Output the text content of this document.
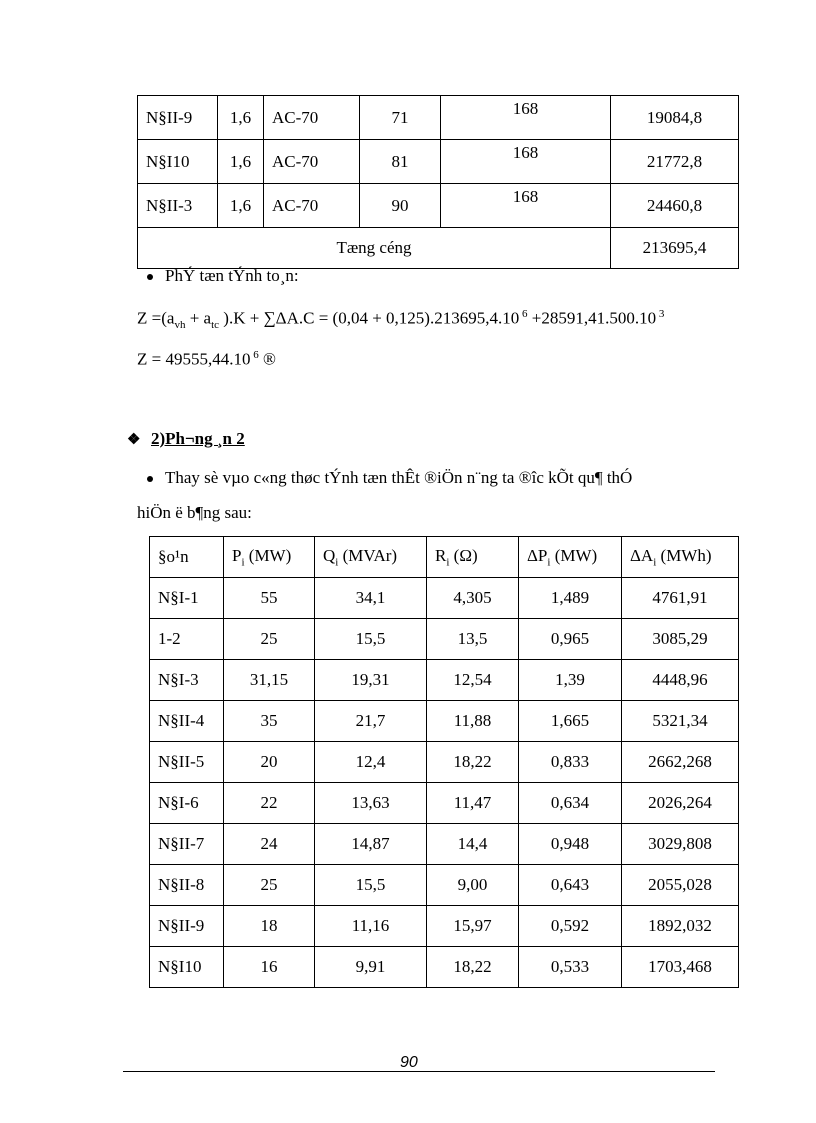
N§II-9	1,6	AC-70	71	168	19084,8
N§I10	1,6	AC-70	81	168	21772,8
N§II-3	1,6	AC-70	90	168	24460,8
Tæng céng					213695,4
PhÝ tæn tÝnh to¸n:
$Z =(a_{vh} + a_{tc}$ ).K + ∑ΔA.C = (0,04 + 0,125).213695,4.10 $^6$ +28591,41.500.10 $^3$
Z = 49555,44.10 $^6$ ®
❖ 2)Ph¬ng ¸n 2
Thay sè vµo c«ng thøc tÝnh tæn thÊt ®iÖn n¨ng ta ®îc kÕt qu¶ thÓ
hiÖn ë b¶ng sau:
§o¹n	$P_i$ (MW)	$Q_i$ (MVAr)	$R_i$ (Ω)	$\Delta P_i$ (MW)	$\Delta A_i$ (MWh)
N§I-1	55	34,1	4,305	1,489	4761,91
1-2	25	15,5	13,5	0,965	3085,29
N§I-3	31,15	19,31	12,54	1,39	4448,96
N§II-4	35	21,7	11,88	1,665	5321,34
N§II-5	20	12,4	18,22	0,833	2662,268
N§I-6	22	13,63	11,47	0,634	2026,264
N§II-7	24	14,87	14,4	0,948	3029,808
N§II-8	25	15,5	9,00	0,643	2055,028
N§II-9	18	11,16	15,97	0,592	1892,032
N§I10	16	9,91	18,22	0,533	1703,468
90
